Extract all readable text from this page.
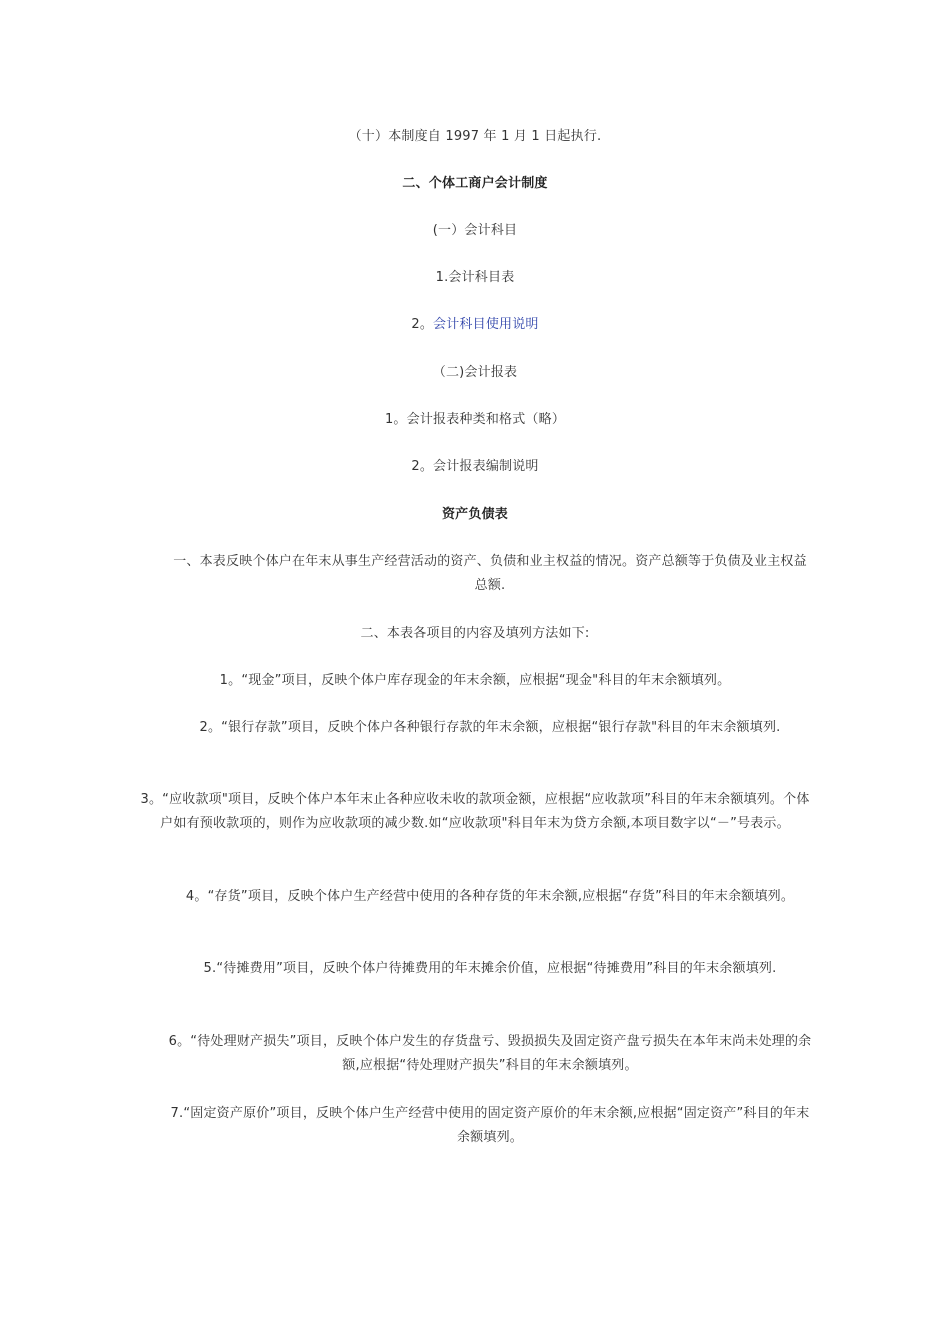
（十）本制度自 1997 年 1 月 1 日起执行.

二、个体工商户会计制度

(一）会计科目

1.会计科目表

2。会计科目使用说明

（二)会计报表

1。会计报表种类和格式（略）

2。会计报表编制说明

资产负债表

一、本表反映个体户在年末从事生产经营活动的资产、负债和业主权益的情况。资产总额等于负债及业主权益总额.

二、本表各项目的内容及填列方法如下:

1。“现金”项目，反映个体户库存现金的年末余额，应根据“现金"科目的年末余额填列。

2。“银行存款”项目，反映个体户各种银行存款的年末余额，应根据“银行存款"科目的年末余额填列.

3。“应收款项"项目，反映个体户本年末止各种应收未收的款项金额，应根据“应收款项”科目的年末余额填列。个体户如有预收款项的，则作为应收款项的减少数.如“应收款项"科目年末为贷方余额,本项目数字以“－”号表示。

4。“存货”项目，反映个体户生产经营中使用的各种存货的年末余额,应根据“存货”科目的年末余额填列。

5.“待摊费用”项目，反映个体户待摊费用的年末摊余价值，应根据“待摊费用”科目的年末余额填列.

6。“待处理财产损失”项目，反映个体户发生的存货盘亏、毁损损失及固定资产盘亏损失在本年末尚未处理的余额,应根据“待处理财产损失”科目的年末余额填列。

7.“固定资产原价”项目，反映个体户生产经营中使用的固定资产原价的年末余额,应根据“固定资产”科目的年末余额填列。
